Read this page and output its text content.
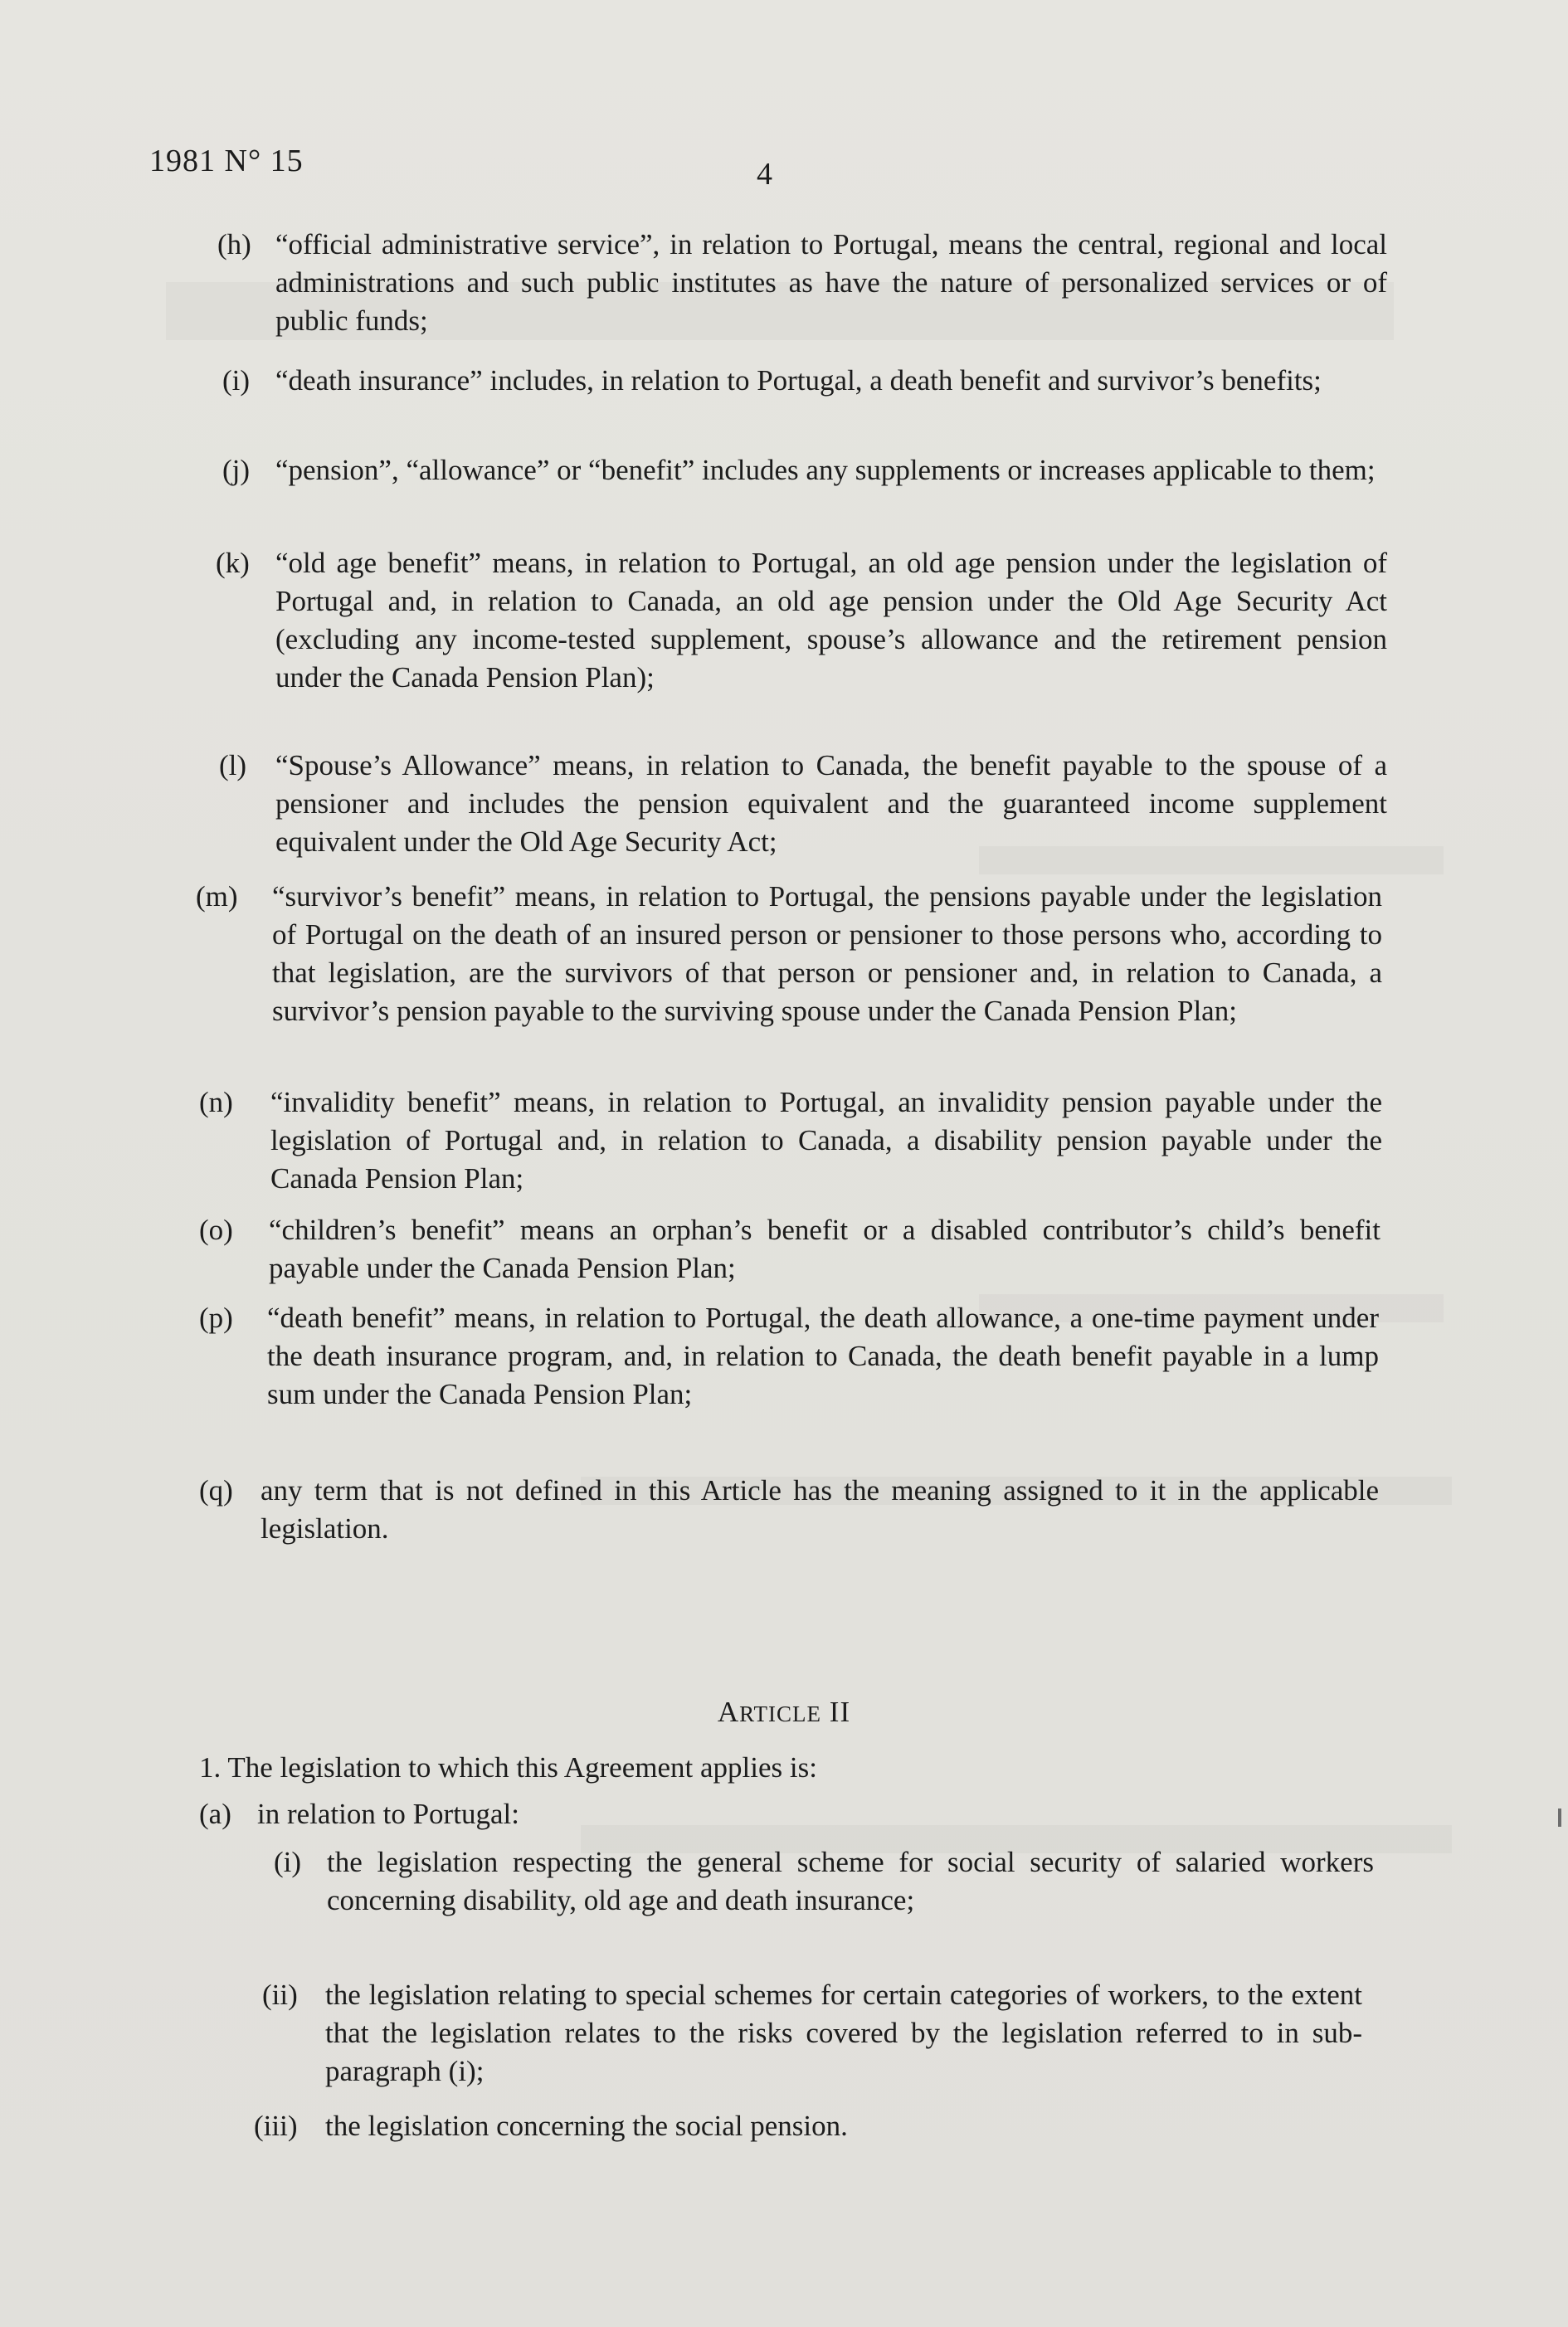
1981 N° 15	4
(h) “official administrative service”, in relation to Portugal, means the central, regional and local administrations and such public institutes as have the nature of personalized services or of public funds;
(i) “death insurance” includes, in relation to Portugal, a death benefit and survivor’s benefits;
(j) “pension”, “allowance” or “benefit” includes any supplements or increases applicable to them;
(k) “old age benefit” means, in relation to Portugal, an old age pension under the legislation of Portugal and, in relation to Canada, an old age pension under the Old Age Security Act (excluding any income-tested supplement, spouse’s allowance and the retirement pension under the Canada Pension Plan);
(l) “Spouse’s Allowance” means, in relation to Canada, the benefit payable to the spouse of a pensioner and includes the pension equivalent and the guaranteed income supplement equivalent under the Old Age Security Act;
(m) “survivor’s benefit” means, in relation to Portugal, the pensions payable under the legislation of Portugal on the death of an insured person or pensioner to those persons who, according to that legislation, are the survivors of that person or pensioner and, in relation to Canada, a survivor’s pension payable to the surviving spouse under the Canada Pension Plan;
(n) “invalidity benefit” means, in relation to Portugal, an invalidity pension payable under the legislation of Portugal and, in relation to Canada, a disability pension payable under the Canada Pension Plan;
(o) “children’s benefit” means an orphan’s benefit or a disabled contributor’s child’s benefit payable under the Canada Pension Plan;
(p) “death benefit” means, in relation to Portugal, the death allowance, a one-time payment under the death insurance program, and, in relation to Canada, the death benefit payable in a lump sum under the Canada Pension Plan;
(q) any term that is not defined in this Article has the meaning assigned to it in the applicable legislation.
ARTICLE II
1. The legislation to which this Agreement applies is:
(a) in relation to Portugal:
(i) the legislation respecting the general scheme for social security of salaried workers concerning disability, old age and death insurance;
(ii) the legislation relating to special schemes for certain categories of workers, to the extent that the legislation relates to the risks covered by the legislation referred to in sub-paragraph (i);
(iii) the legislation concerning the social pension.
